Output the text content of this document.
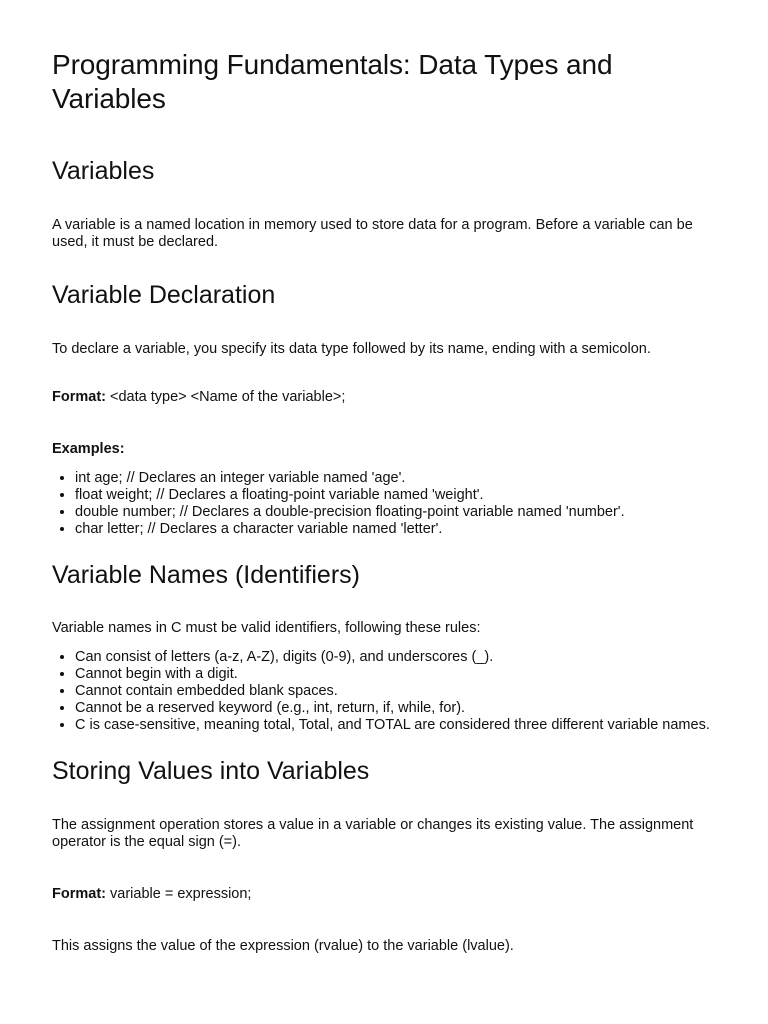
Programming Fundamentals: Data Types and Variables
Variables

A variable is a named location in memory used to store data for a program. Before a variable can be used, it must be declared.

Variable Declaration

To declare a variable, you specify its data type followed by its name, ending with a semicolon.

Format: <data type> <Name of the variable>;

Examples:

• int age; // Declares an integer variable named 'age'.
• float weight; // Declares a floating-point variable named 'weight'.
• double number; // Declares a double-precision floating-point variable named 'number'.
• char letter; // Declares a character variable named 'letter'.
Variable Names (Identifiers)

Variable names in C must be valid identifiers, following these rules:

• Can consist of letters (a-z, A-Z), digits (0-9), and underscores (_).
• Cannot begin with a digit.
• Cannot contain embedded blank spaces.
• Cannot be a reserved keyword (e.g., int, return, if, while, for).
• C is case-sensitive, meaning total, Total, and TOTAL are considered three different variable names.
Storing Values into Variables

The assignment operation stores a value in a variable or changes its existing value. The assignment operator is the equal sign (=).

Format: variable = expression;

This assigns the value of the expression (rvalue) to the variable (lvalue).
